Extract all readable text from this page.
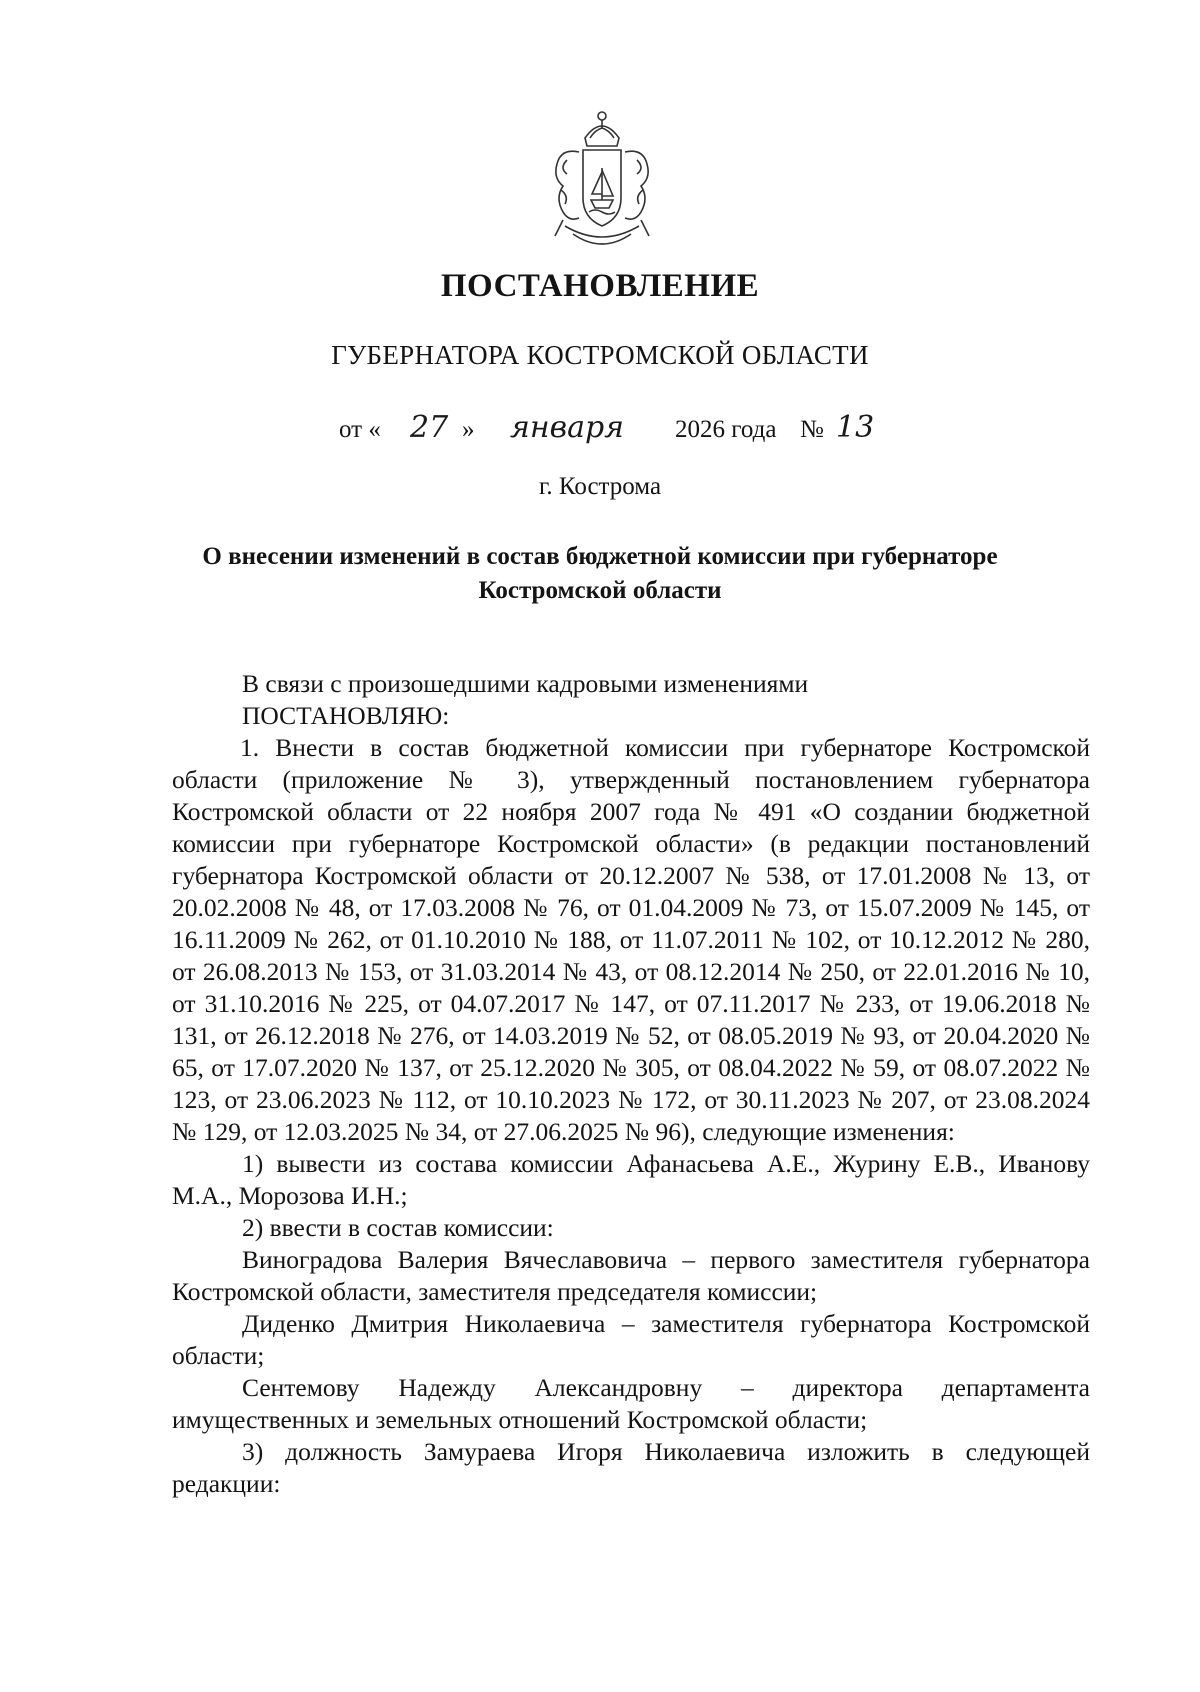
ПОСТАНОВЛЕНИЕ
ГУБЕРНАТОРА КОСТРОМСКОЙ ОБЛАСТИ
от « 27 » января 2026 года № 13
г. Кострома
О внесении изменений в состав бюджетной комиссии при губернаторе
Костромской области

В связи с произошедшими кадровыми изменениями

ПОСТАНОВЛЯЮ:

1. Внести в состав бюджетной комиссии при губернаторе Костромской области (приложение № 3), утвержденный постановлением губернатора Костромской области от 22 ноября 2007 года № 491 «О создании бюджетной комиссии при губернаторе Костромской области» (в редакции постановлений губернатора Костромской области от 20.12.2007 № 538, от 17.01.2008 № 13, от 20.02.2008 № 48, от 17.03.2008 № 76, от 01.04.2009 № 73, от 15.07.2009 № 145, от 16.11.2009 № 262, от 01.10.2010 № 188, от 11.07.2011 № 102, от 10.12.2012 № 280, от 26.08.2013 № 153, от 31.03.2014 № 43, от 08.12.2014 № 250, от 22.01.2016 № 10, от 31.10.2016 № 225, от 04.07.2017 № 147, от 07.11.2017 № 233, от 19.06.2018 № 131, от 26.12.2018 № 276, от 14.03.2019 № 52, от 08.05.2019 № 93, от 20.04.2020 № 65, от 17.07.2020 № 137, от 25.12.2020 № 305, от 08.04.2022 № 59, от 08.07.2022 № 123, от 23.06.2023 № 112, от 10.10.2023 № 172, от 30.11.2023 № 207, от 23.08.2024 № 129, от 12.03.2025 № 34, от 27.06.2025 № 96), следующие изменения:

1) вывести из состава комиссии Афанасьева А.Е., Журину Е.В., Иванову М.А., Морозова И.Н.;

2) ввести в состав комиссии:

Виноградова Валерия Вячеславовича – первого заместителя губернатора Костромской области, заместителя председателя комиссии;

Диденко Дмитрия Николаевича – заместителя губернатора Костромской области;

Сентемову Надежду Александровну – директора департамента имущественных и земельных отношений Костромской области;

3) должность Замураева Игоря Николаевича изложить в следующей редакции:
